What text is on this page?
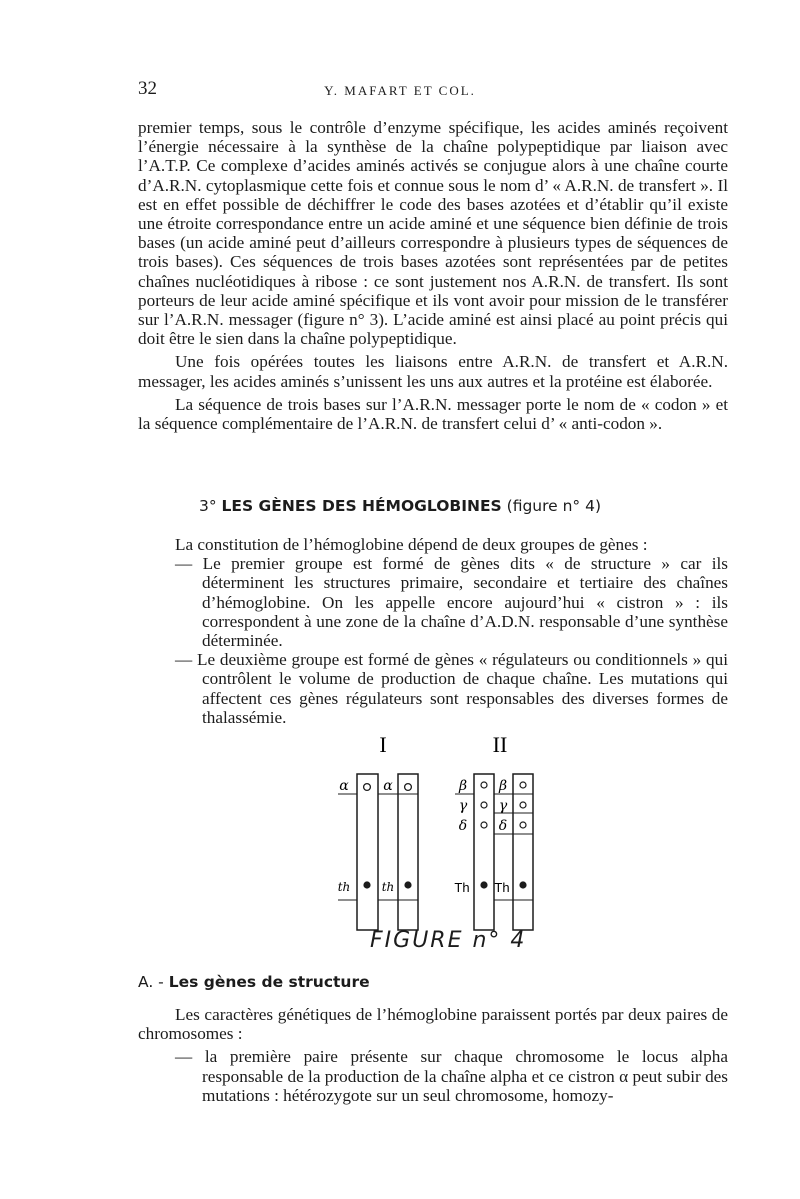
32	Y. MAFART ET COL.

premier temps, sous le contrôle d’enzyme spécifique, les acides aminés reçoivent l’énergie nécessaire à la synthèse de la chaîne polypeptidique par liaison avec l’A.T.P. Ce complexe d’acides aminés activés se conjugue alors à une chaîne courte d’A.R.N. cytoplasmique cette fois et connue sous le nom d’ « A.R.N. de transfert ». Il est en effet possible de déchiffrer le code des bases azotées et d’établir qu’il existe une étroite correspondance entre un acide aminé et une séquence bien définie de trois bases (un acide aminé peut d’ailleurs correspondre à plusieurs types de séquences de trois bases). Ces séquences de trois bases azotées sont représentées par de petites chaînes nucléotidiques à ribose : ce sont justement nos A.R.N. de transfert. Ils sont porteurs de leur acide aminé spécifique et ils vont avoir pour mission de le transférer sur l’A.R.N. messager (figure n° 3). L’acide aminé est ainsi placé au point précis qui doit être le sien dans la chaîne polypeptidique.

Une fois opérées toutes les liaisons entre A.R.N. de transfert et A.R.N. messager, les acides aminés s’unissent les uns aux autres et la protéine est élaborée.

La séquence de trois bases sur l’A.R.N. messager porte le nom de « codon » et la séquence complémentaire de l’A.R.N. de transfert celui d’ « anti-codon ».

3° LES GÈNES DES HÉMOGLOBINES (figure n° 4)

La constitution de l’hémoglobine dépend de deux groupes de gènes :

— Le premier groupe est formé de gènes dits « de structure » car ils déterminent les structures primaire, secondaire et tertiaire des chaînes d’hémoglobine. On les appelle encore aujourd’hui « cistron » : ils correspondent à une zone de la chaîne d’A.D.N. responsable d’une synthèse déterminée.

— Le deuxième groupe est formé de gènes « régulateurs ou conditionnels » qui contrôlent le volume de production de chaque chaîne. Les mutations qui affectent ces gènes régulateurs sont responsables des diverses formes de thalassémie.

I	II
α α
th	th
β
γ
δ
β
γ
δ
Th Th
FIGURE n° 4
A. - Les gènes de structure

Les caractères génétiques de l’hémoglobine paraissent portés par deux paires de chromosomes :

— la première paire présente sur chaque chromosome le locus alpha responsable de la production de la chaîne alpha et ce cistron α peut subir des mutations : hétérozygote sur un seul chromosome, homozy-
